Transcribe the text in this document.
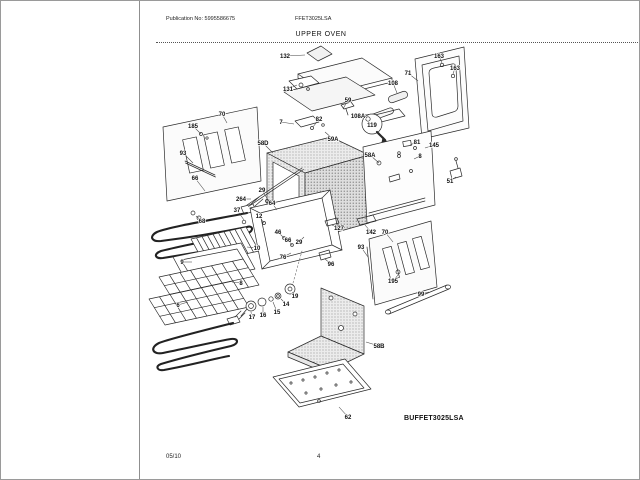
Publication No: 5995586675	FFET3025LSA
UPPER OVEN
132
131
59
108
108A
71
163
163
7	82
59A
119
58D
58A
81 145
8
51
185
70
93
66
68
37
264
29
12
64
46
66 29
76
96
127
142 70
93
195
99
10
9
8
6
19
14
15
16
17
58B
62	BUFFET3025LSA
05/10	4
